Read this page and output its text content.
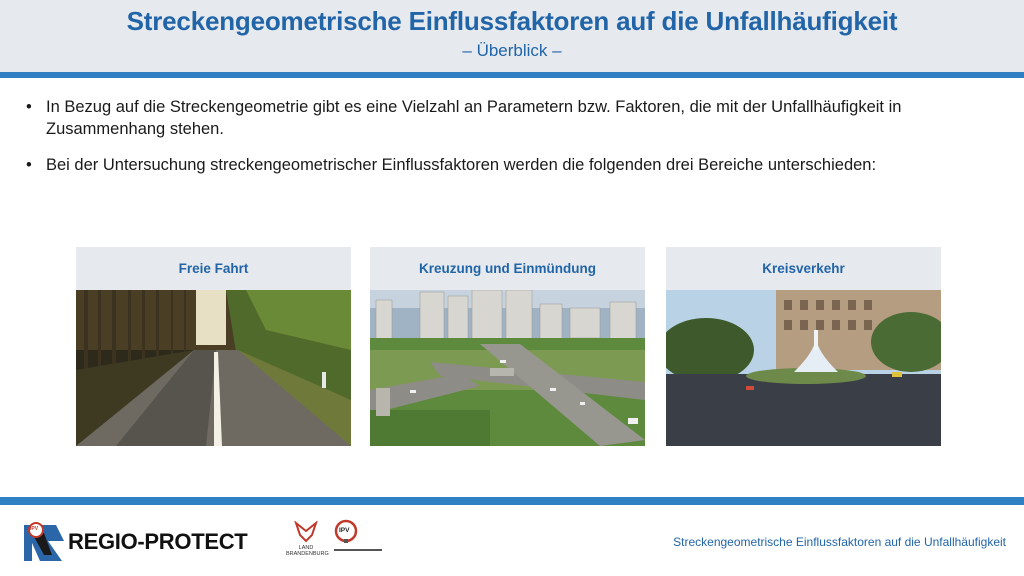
Streckengeometrische Einflussfaktoren auf die Unfallhäufigkeit
– Überblick –
• In Bezug auf die Streckengeometrie gibt es eine Vielzahl an Parametern bzw. Faktoren, die mit der Unfallhäufigkeit in Zusammenhang stehen.
• Bei der Untersuchung streckengeometrischer Einflussfaktoren werden die folgenden drei Bereiche unterschieden:
Freie Fahrt	Kreuzung und Einmündung	Kreisverkehr
IPV REGIO-PROTECT	LAND BRANDENBURG
IPV
Streckengeometrische Einflussfaktoren auf die Unfallhäufigkeit
